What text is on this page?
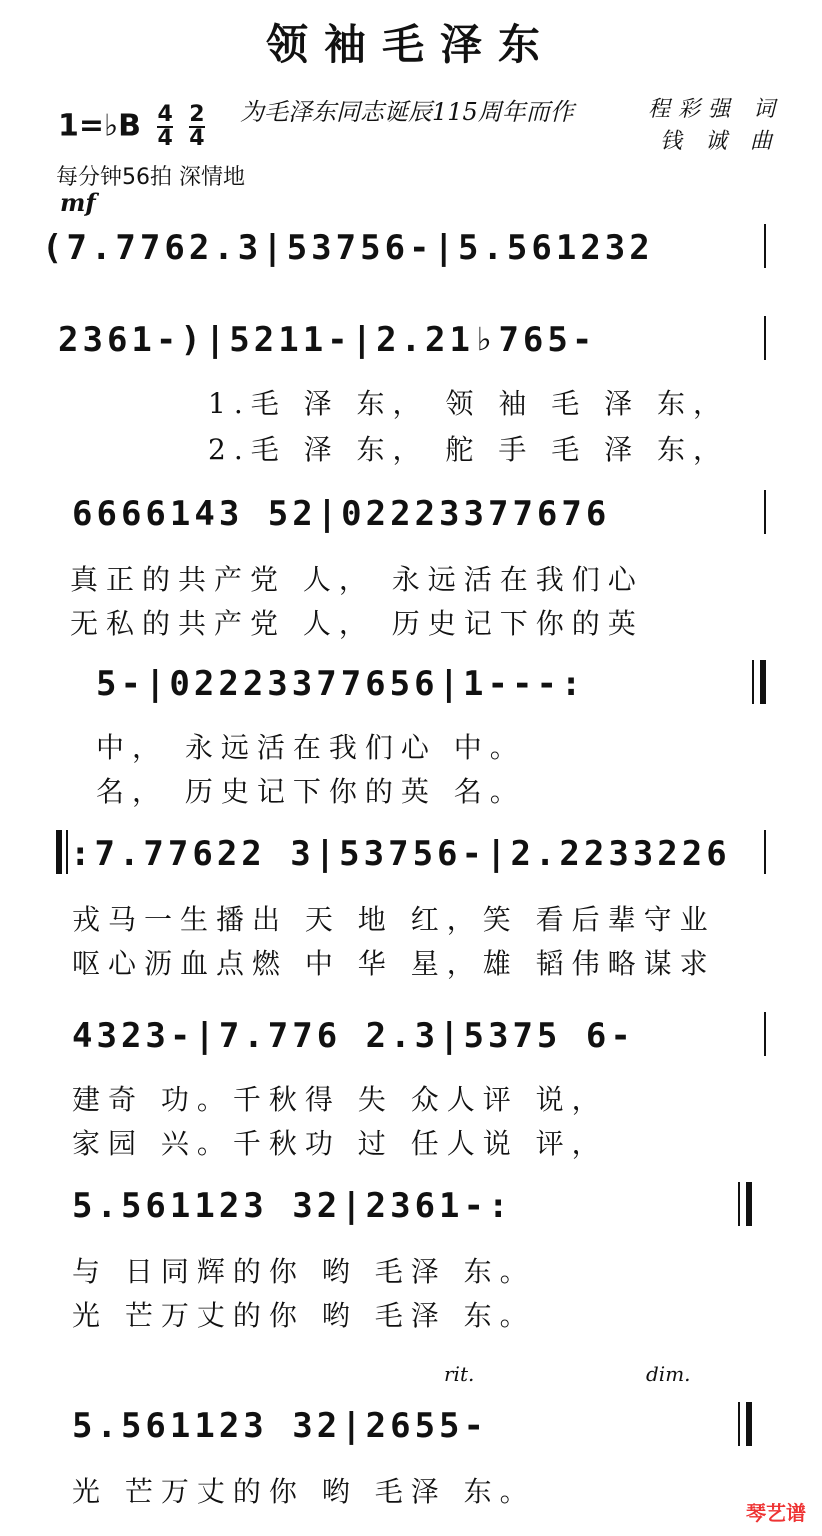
领袖毛泽东
1=♭B $\frac{4}{4}$
$\frac{2}{4}$ 为毛泽东同志诞辰115周年而作	程彩强 词
钱 诚 曲
每分钟56拍 深情地
mf
(7.7762.3|53756-|5.561232
2361-)|5211-|2.21♭765-
1.毛 泽 东， 领 袖 毛 泽 东，
2.毛 泽 东， 舵 手 毛 泽 东，
6666143 52|02223377676
真正的共产党 人， 永远活在我们心
无私的共产党 人， 历史记下你的英
5-|02223377656|1---:
中， 永远活在我们心 中。
名， 历史记下你的英 名。
:7.77622 3|53756-|2.2233226
戎马一生播出 天 地 红，笑 看后辈守业
呕心沥血点燃 中 华 星，雄 韬伟略谋求
4323-|7.776 2.3|5375 6-
建奇 功。千秋得 失 众人评 说，
家园 兴。千秋功 过 任人说 评，
5.561123 32|2361-:
与 日同辉的你 哟 毛泽 东。
光 芒万丈的你 哟 毛泽 东。
rit.	dim.
5.561123 32|2655-
光 芒万丈的你 哟 毛泽 东。
琴艺谱
